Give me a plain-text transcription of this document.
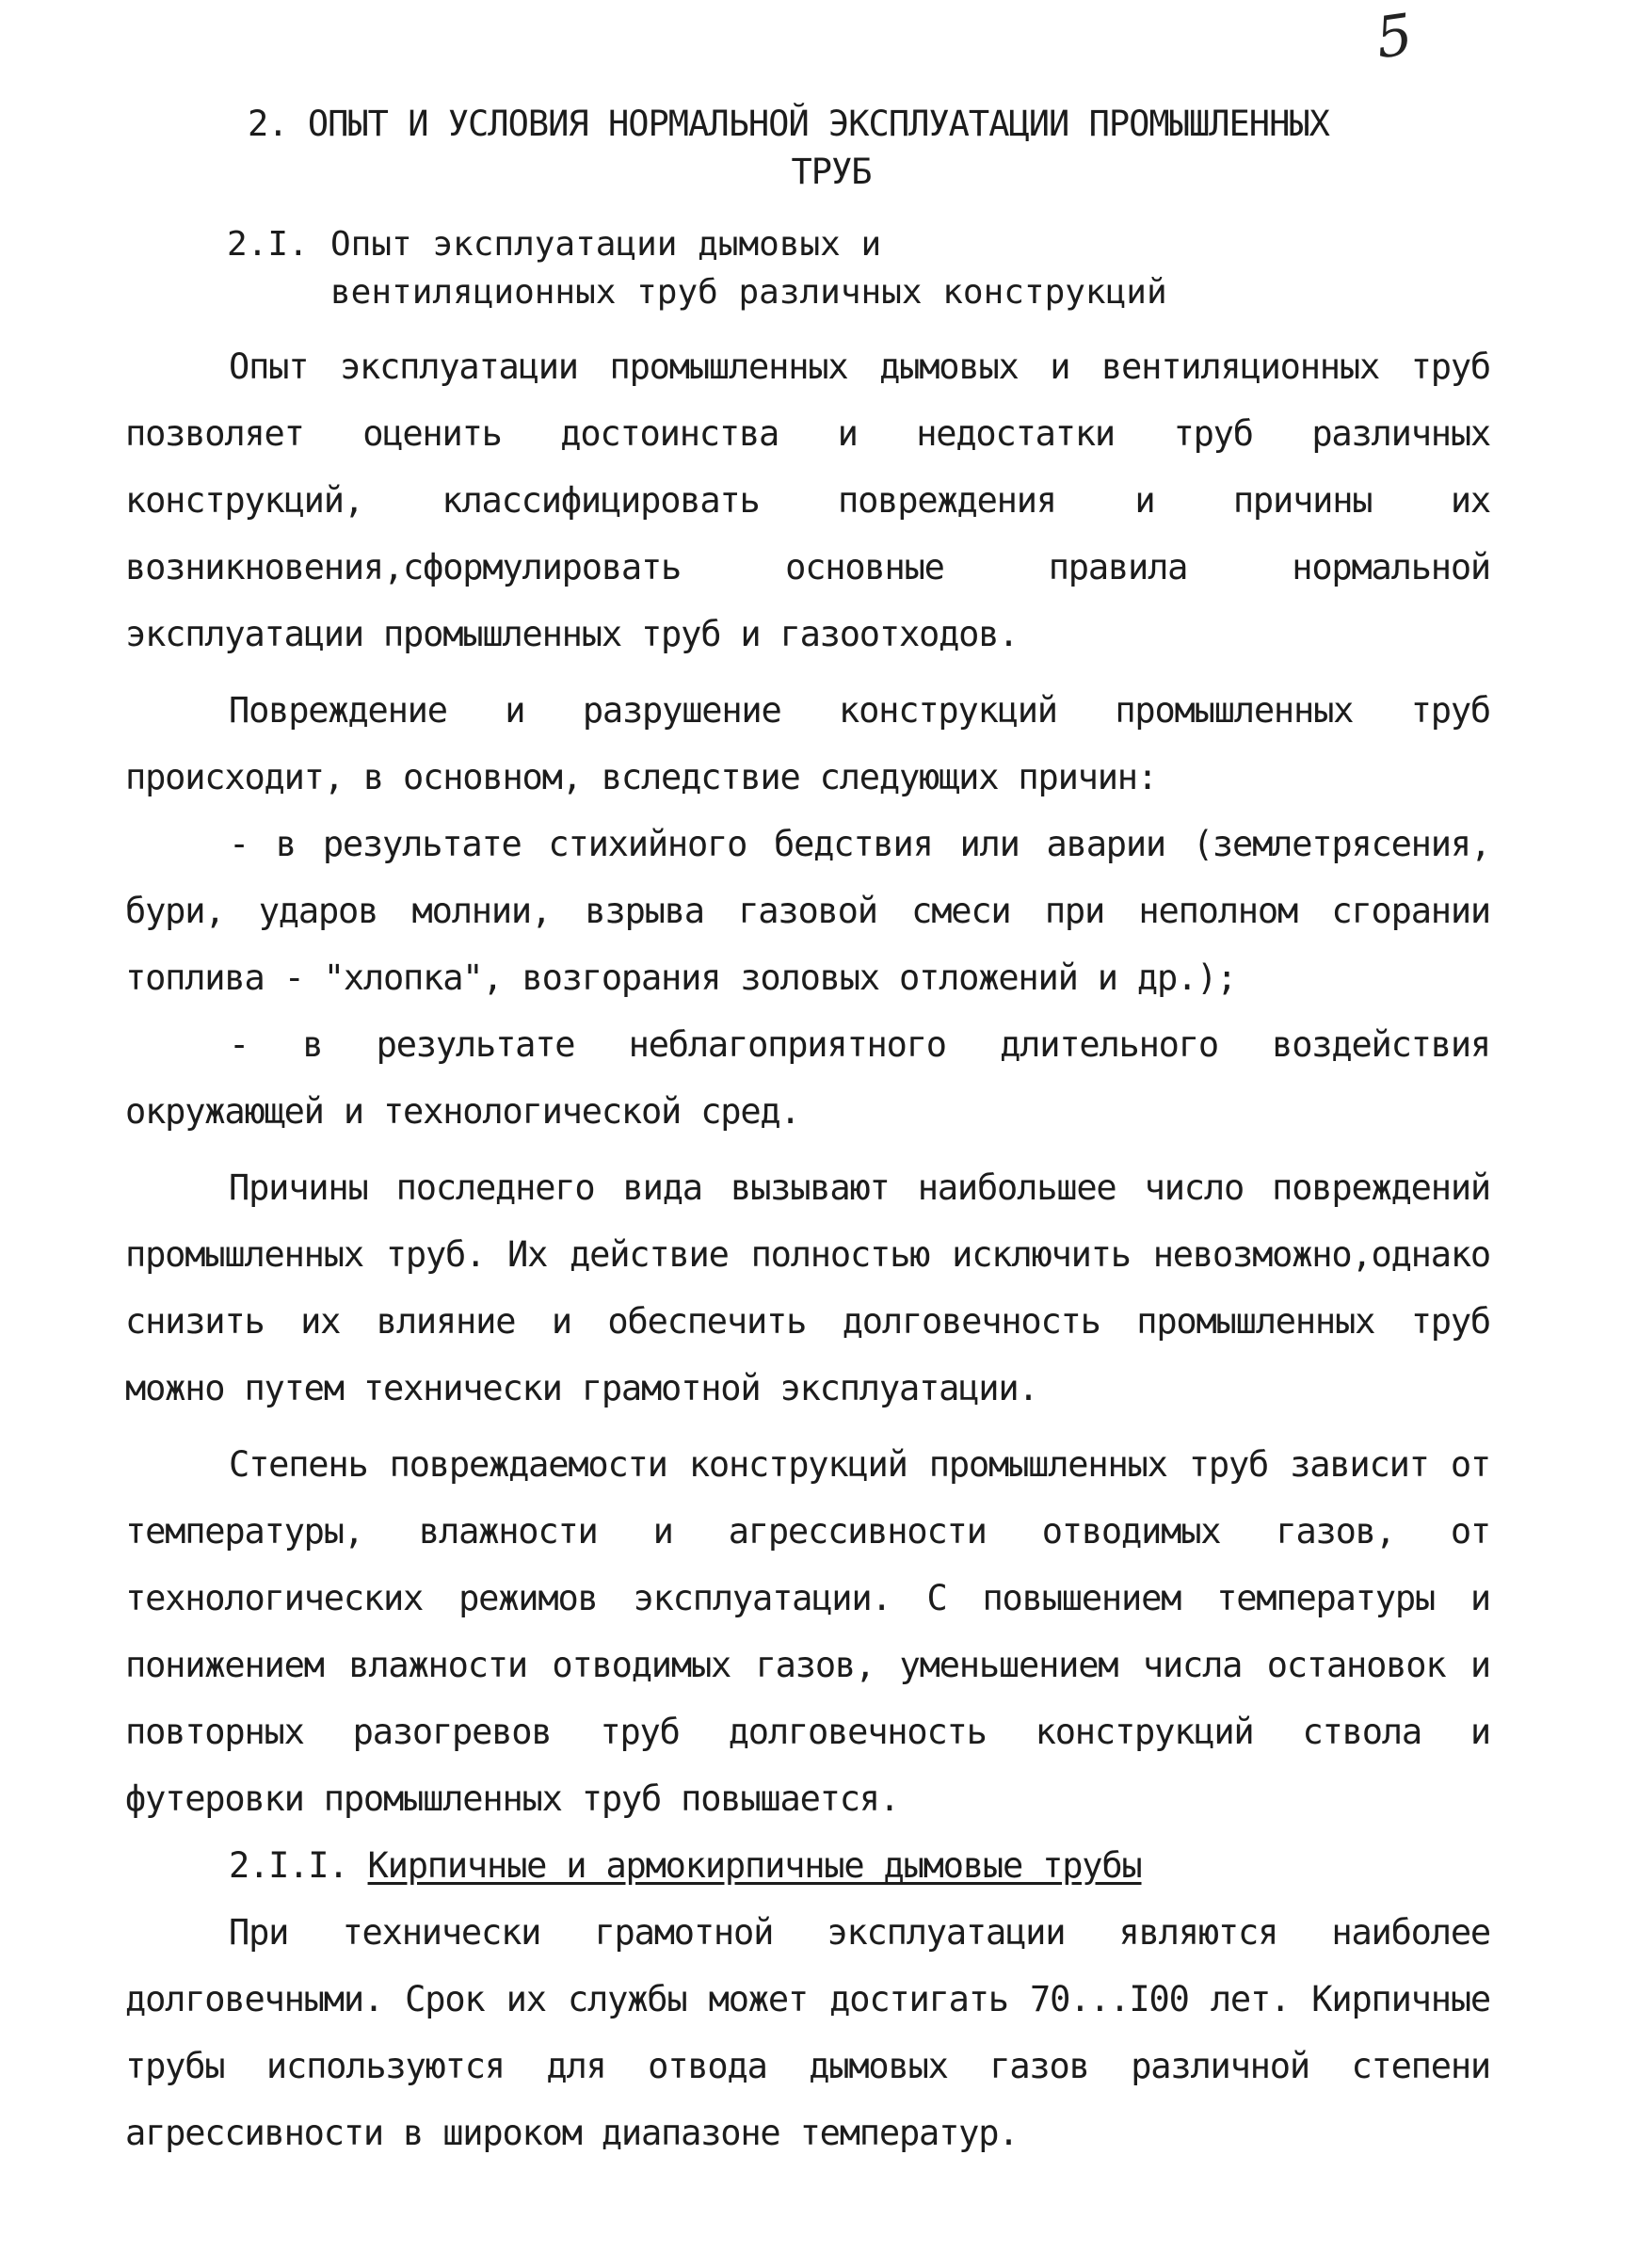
5
2. ОПЫТ И УСЛОВИЯ НОРМАЛЬНОЙ ЭКСПЛУАТАЦИИ ПРОМЫШЛЕННЫХ
ТРУБ
2.I. Опыт эксплуатации дымовых и вентиляционных труб различных конструкций

Опыт эксплуатации промышленных дымовых и вентиляционных труб позволяет оценить достоинства и недостатки труб различных конструкций, классифицировать повреждения и причины их возникновения,сформулировать основные правила нормальной эксплуатации промышленных труб и газоотходов.

Повреждение и разрушение конструкций промышленных труб происходит, в основном, вследствие следующих причин:

- в результате стихийного бедствия или аварии (землетрясения, бури, ударов молнии, взрыва газовой смеси при неполном сгорании топлива - "хлопка", возгорания золовых отложений и др.);

- в результате неблагоприятного длительного воздействия окружающей и технологической сред.

Причины последнего вида вызывают наибольшее число повреждений промышленных труб. Их действие полностью исключить невозможно,однако снизить их влияние и обеспечить долговечность промышленных труб можно путем технически грамотной эксплуатации.

Степень повреждаемости конструкций промышленных труб зависит от температуры, влажности и агрессивности отводимых газов, от технологических режимов эксплуатации. С повышением температуры и понижением влажности отводимых газов, уменьшением числа остановок и повторных разогревов труб долговечность конструкций ствола и футеровки промышленных труб повышается.

2.I.I. Кирпичные и армокирпичные дымовые трубы

При технически грамотной эксплуатации являются наиболее долговечными. Срок их службы может достигать 70...I00 лет. Кирпичные трубы используются для отвода дымовых газов различной степени агрессивности в широком диапазоне температур.
